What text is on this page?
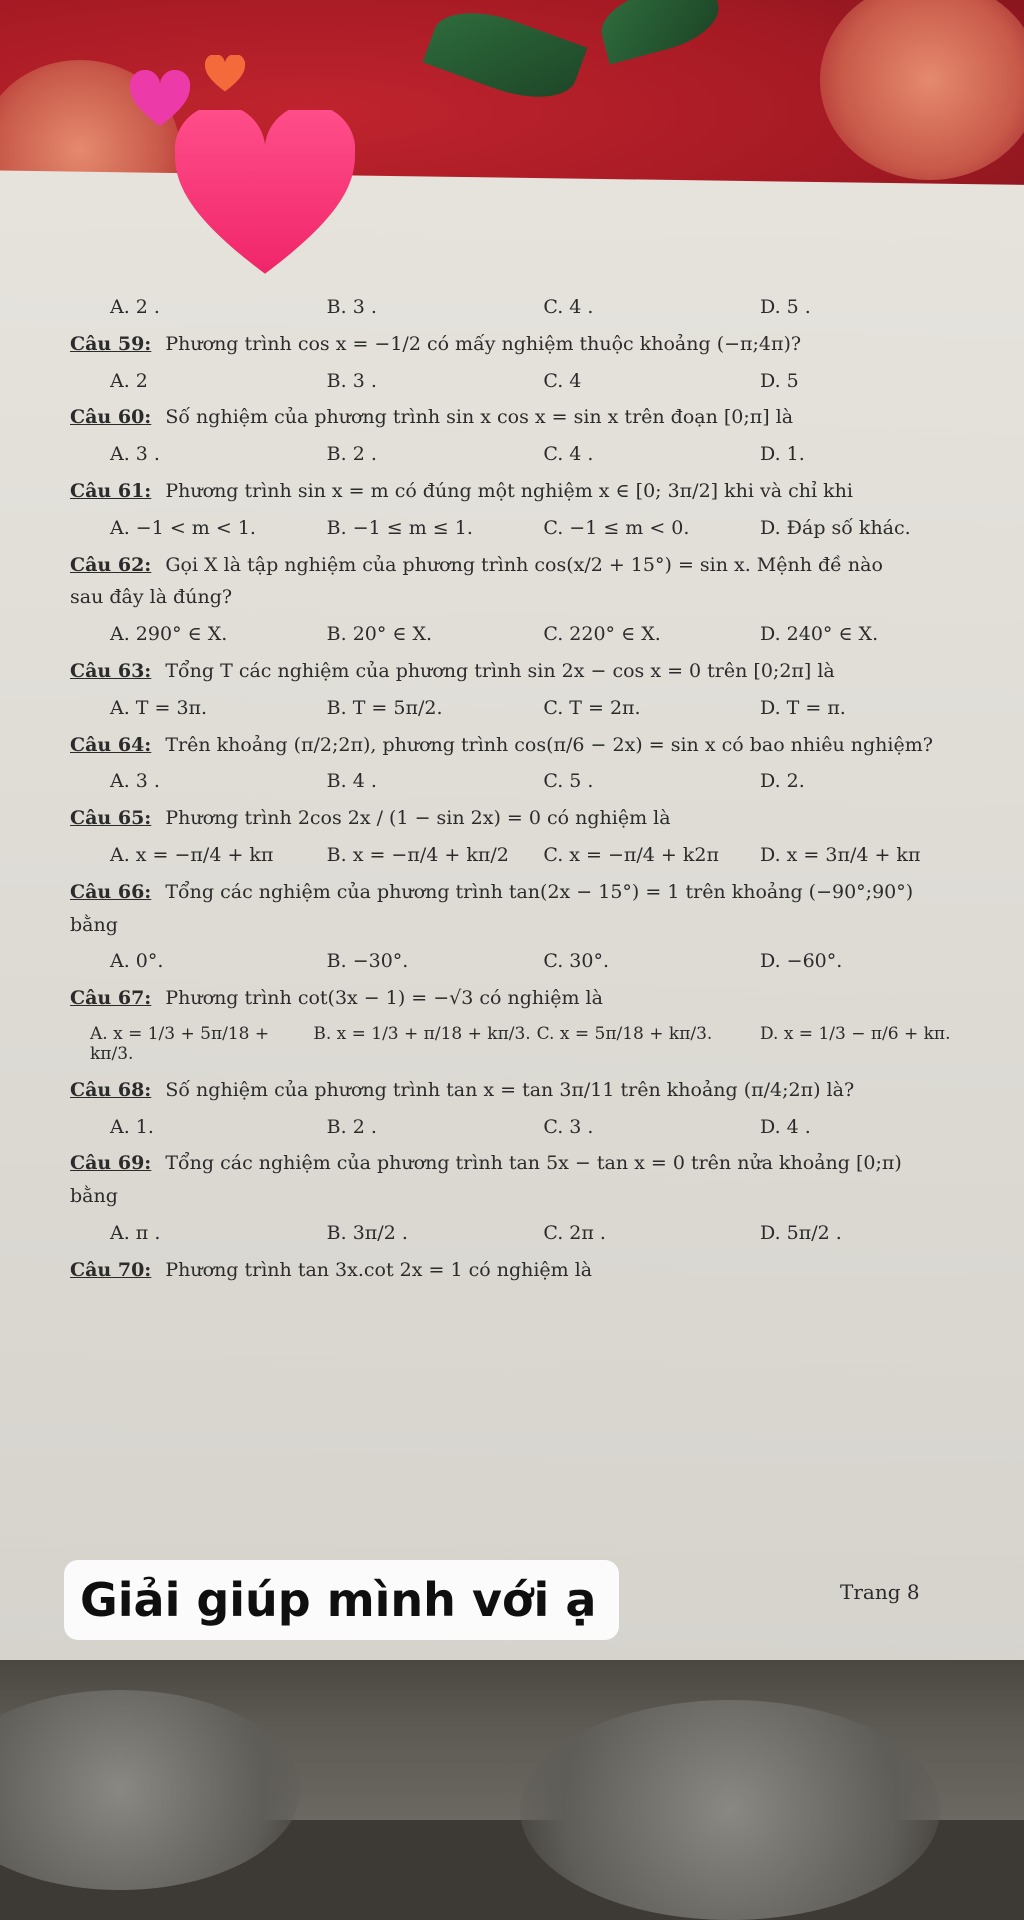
A. 2 .	B. 3 .	C. 4 .	D. 5 .
Câu 59: Phương trình cos x = −1/2 có mấy nghiệm thuộc khoảng (−π;4π)?
A. 2	B. 3 .	C. 4	D. 5
Câu 60: Số nghiệm của phương trình sin x cos x = sin x trên đoạn [0;π] là
A. 3 .	B. 2 .	C. 4 .	D. 1.
Câu 61: Phương trình sin x = m có đúng một nghiệm x ∈ [0; 3π/2] khi và chỉ khi
A. −1 < m < 1.	B. −1 ≤ m ≤ 1.	C. −1 ≤ m < 0.	D. Đáp số khác.
Câu 62: Gọi X là tập nghiệm của phương trình cos(x/2 + 15°) = sin x. Mệnh đề nào
sau đây là đúng?
A. 290° ∈ X.	B. 20° ∈ X.	C. 220° ∈ X.	D. 240° ∈ X.
Câu 63: Tổng T các nghiệm của phương trình sin 2x − cos x = 0 trên [0;2π] là
A. T = 3π.	B. T = 5π/2.	C. T = 2π.	D. T = π.
Câu 64: Trên khoảng (π/2;2π), phương trình cos(π/6 − 2x) = sin x có bao nhiêu nghiệm?
A. 3 .	B. 4 .	C. 5 .	D. 2.
Câu 65: Phương trình 2cos 2x / (1 − sin 2x) = 0 có nghiệm là
A. x = −π/4 + kπ	B. x = −π/4 + kπ/2	C. x = −π/4 + k2π	D. x = 3π/4 + kπ
Câu 66: Tổng các nghiệm của phương trình tan(2x − 15°) = 1 trên khoảng (−90°;90°)
bằng
A. 0°.	B. −30°.	C. 30°.	D. −60°.
Câu 67: Phương trình cot(3x − 1) = −√3 có nghiệm là
A. x = 1/3 + 5π/18 + kπ/3.
B. x = 1/3 + π/18 + kπ/3. C. x = 5π/18 + kπ/3.	D. x = 1/3 − π/6 + kπ.
Câu 68: Số nghiệm của phương trình tan x = tan 3π/11 trên khoảng (π/4;2π) là?
A. 1.	B. 2 .	C. 3 .	D. 4 .
Câu 69: Tổng các nghiệm của phương trình tan 5x − tan x = 0 trên nửa khoảng [0;π)
bằng
A. π .	B. 3π/2 .	C. 2π .	D. 5π/2 .
Câu 70: Phương trình tan 3x.cot 2x = 1 có nghiệm là
Giải giúp mình với ạ	Trang 8
